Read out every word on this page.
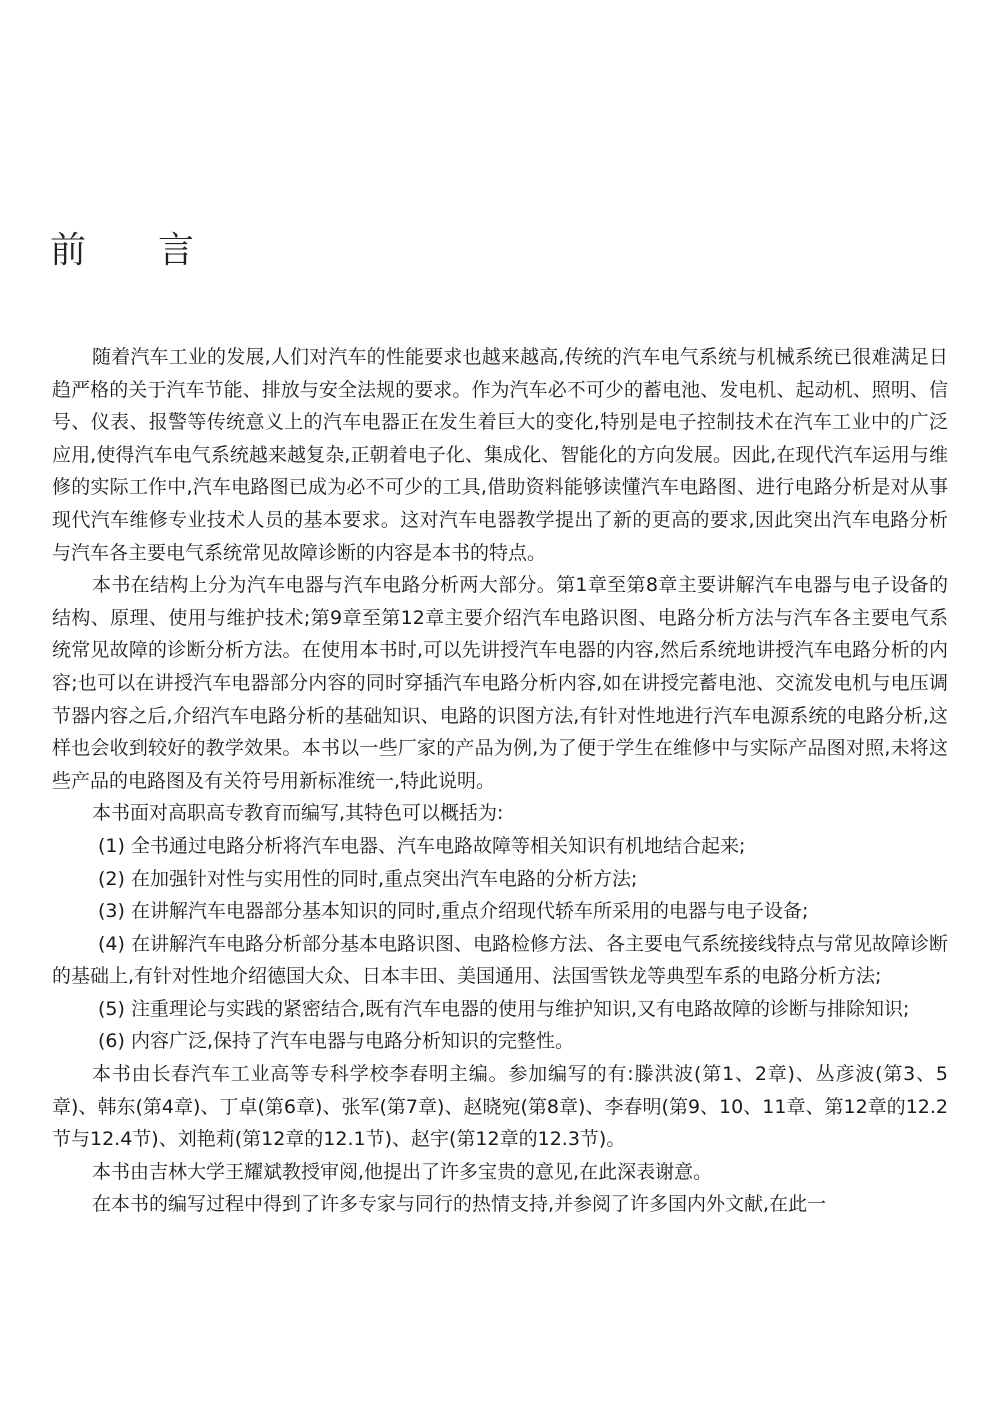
前 言

随着汽车工业的发展,人们对汽车的性能要求也越来越高,传统的汽车电气系统与机械系统已很难满足日趋严格的关于汽车节能、排放与安全法规的要求。作为汽车必不可少的蓄电池、发电机、起动机、照明、信号、仪表、报警等传统意义上的汽车电器正在发生着巨大的变化,特别是电子控制技术在汽车工业中的广泛应用,使得汽车电气系统越来越复杂,正朝着电子化、集成化、智能化的方向发展。因此,在现代汽车运用与维修的实际工作中,汽车电路图已成为必不可少的工具,借助资料能够读懂汽车电路图、进行电路分析是对从事现代汽车维修专业技术人员的基本要求。这对汽车电器教学提出了新的更高的要求,因此突出汽车电路分析与汽车各主要电气系统常见故障诊断的内容是本书的特点。

本书在结构上分为汽车电器与汽车电路分析两大部分。第1章至第8章主要讲解汽车电器与电子设备的结构、原理、使用与维护技术;第9章至第12章主要介绍汽车电路识图、电路分析方法与汽车各主要电气系统常见故障的诊断分析方法。在使用本书时,可以先讲授汽车电器的内容,然后系统地讲授汽车电路分析的内容;也可以在讲授汽车电器部分内容的同时穿插汽车电路分析内容,如在讲授完蓄电池、交流发电机与电压调节器内容之后,介绍汽车电路分析的基础知识、电路的识图方法,有针对性地进行汽车电源系统的电路分析,这样也会收到较好的教学效果。本书以一些厂家的产品为例,为了便于学生在维修中与实际产品图对照,未将这些产品的电路图及有关符号用新标准统一,特此说明。

本书面对高职高专教育而编写,其特色可以概括为:

(1) 全书通过电路分析将汽车电器、汽车电路故障等相关知识有机地结合起来;

(2) 在加强针对性与实用性的同时,重点突出汽车电路的分析方法;

(3) 在讲解汽车电器部分基本知识的同时,重点介绍现代轿车所采用的电器与电子设备;

(4) 在讲解汽车电路分析部分基本电路识图、电路检修方法、各主要电气系统接线特点与常见故障诊断的基础上,有针对性地介绍德国大众、日本丰田、美国通用、法国雪铁龙等典型车系的电路分析方法;

(5) 注重理论与实践的紧密结合,既有汽车电器的使用与维护知识,又有电路故障的诊断与排除知识;

(6) 内容广泛,保持了汽车电器与电路分析知识的完整性。

本书由长春汽车工业高等专科学校李春明主编。参加编写的有:滕洪波(第1、2章)、丛彦波(第3、5章)、韩东(第4章)、丁卓(第6章)、张军(第7章)、赵晓宛(第8章)、李春明(第9、10、11章、第12章的12.2节与12.4节)、刘艳莉(第12章的12.1节)、赵宇(第12章的12.3节)。

本书由吉林大学王耀斌教授审阅,他提出了许多宝贵的意见,在此深表谢意。

在本书的编写过程中得到了许多专家与同行的热情支持,并参阅了许多国内外文献,在此一
